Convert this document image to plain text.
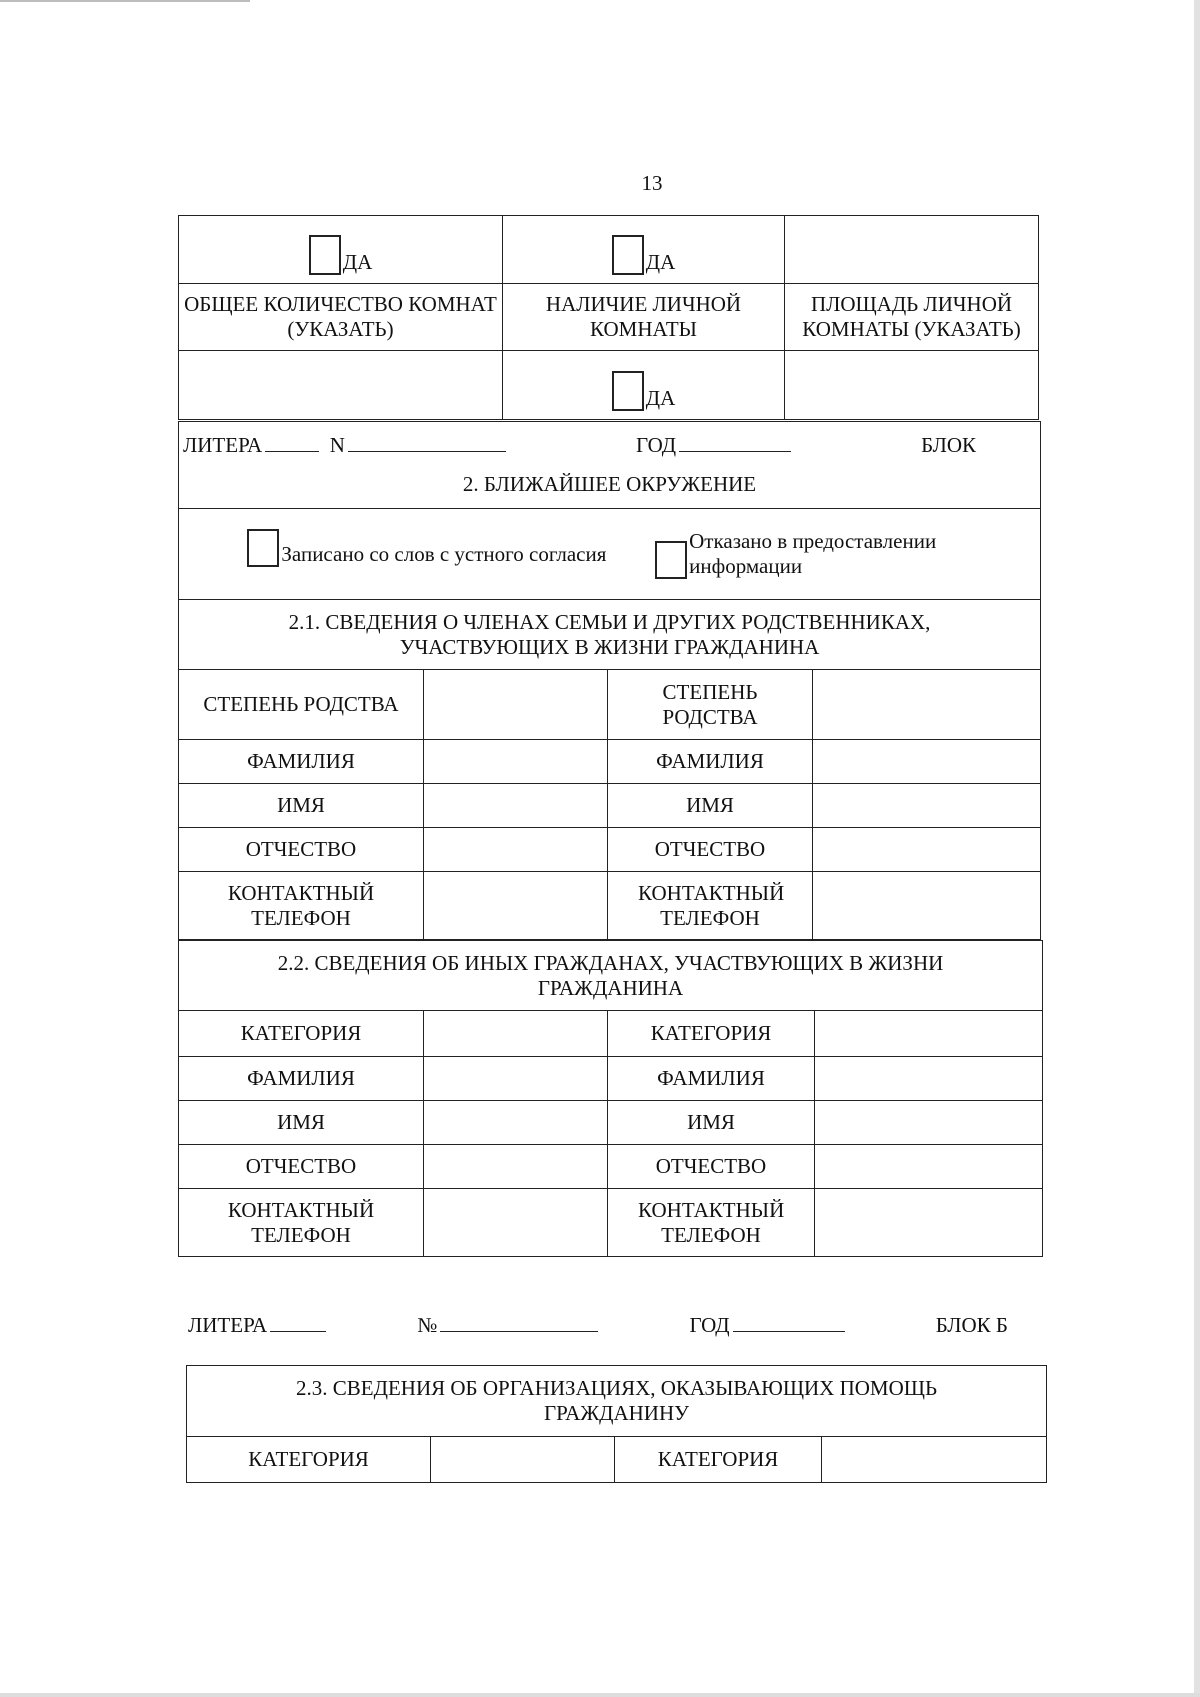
13
ДА	ДА	
ОБЩЕЕ КОЛИЧЕСТВО КОМНАТ (УКАЗАТЬ)	НАЛИЧИЕ ЛИЧНОЙ КОМНАТЫ	ПЛОЩАДЬ ЛИЧНОЙ КОМНАТЫ (УКАЗАТЬ)
	ДА	
ЛИТЕРА N ГОД БЛОК
2. БЛИЖАЙШЕЕ ОКРУЖЕНИЕ			

Записано со слов с устного согласия Отказано в предоставлении информации			
2.1. СВЕДЕНИЯ О ЧЛЕНАХ СЕМЬИ И ДРУГИХ РОДСТВЕННИКАХ, УЧАСТВУЮЩИХ В ЖИЗНИ ГРАЖДАНИНА			
СТЕПЕНЬ РОДСТВА		СТЕПЕНЬ РОДСТВА	
ФАМИЛИЯ		ФАМИЛИЯ	
ИМЯ		ИМЯ	
ОТЧЕСТВО		ОТЧЕСТВО	
КОНТАКТНЫЙ ТЕЛЕФОН		КОНТАКТНЫЙ ТЕЛЕФОН	
2.2. СВЕДЕНИЯ ОБ ИНЫХ ГРАЖДАНАХ, УЧАСТВУЮЩИХ В ЖИЗНИ ГРАЖДАНИНА			
КАТЕГОРИЯ		КАТЕГОРИЯ	
ФАМИЛИЯ		ФАМИЛИЯ	
ИМЯ		ИМЯ	
ОТЧЕСТВО		ОТЧЕСТВО	
КОНТАКТНЫЙ ТЕЛЕФОН		КОНТАКТНЫЙ ТЕЛЕФОН	
ЛИТЕРА	№	ГОД	БЛОК Б
2.3. СВЕДЕНИЯ ОБ ОРГАНИЗАЦИЯХ, ОКАЗЫВАЮЩИХ ПОМОЩЬ ГРАЖДАНИНУ
КАТЕГОРИЯ		КАТЕГОРИЯ	
